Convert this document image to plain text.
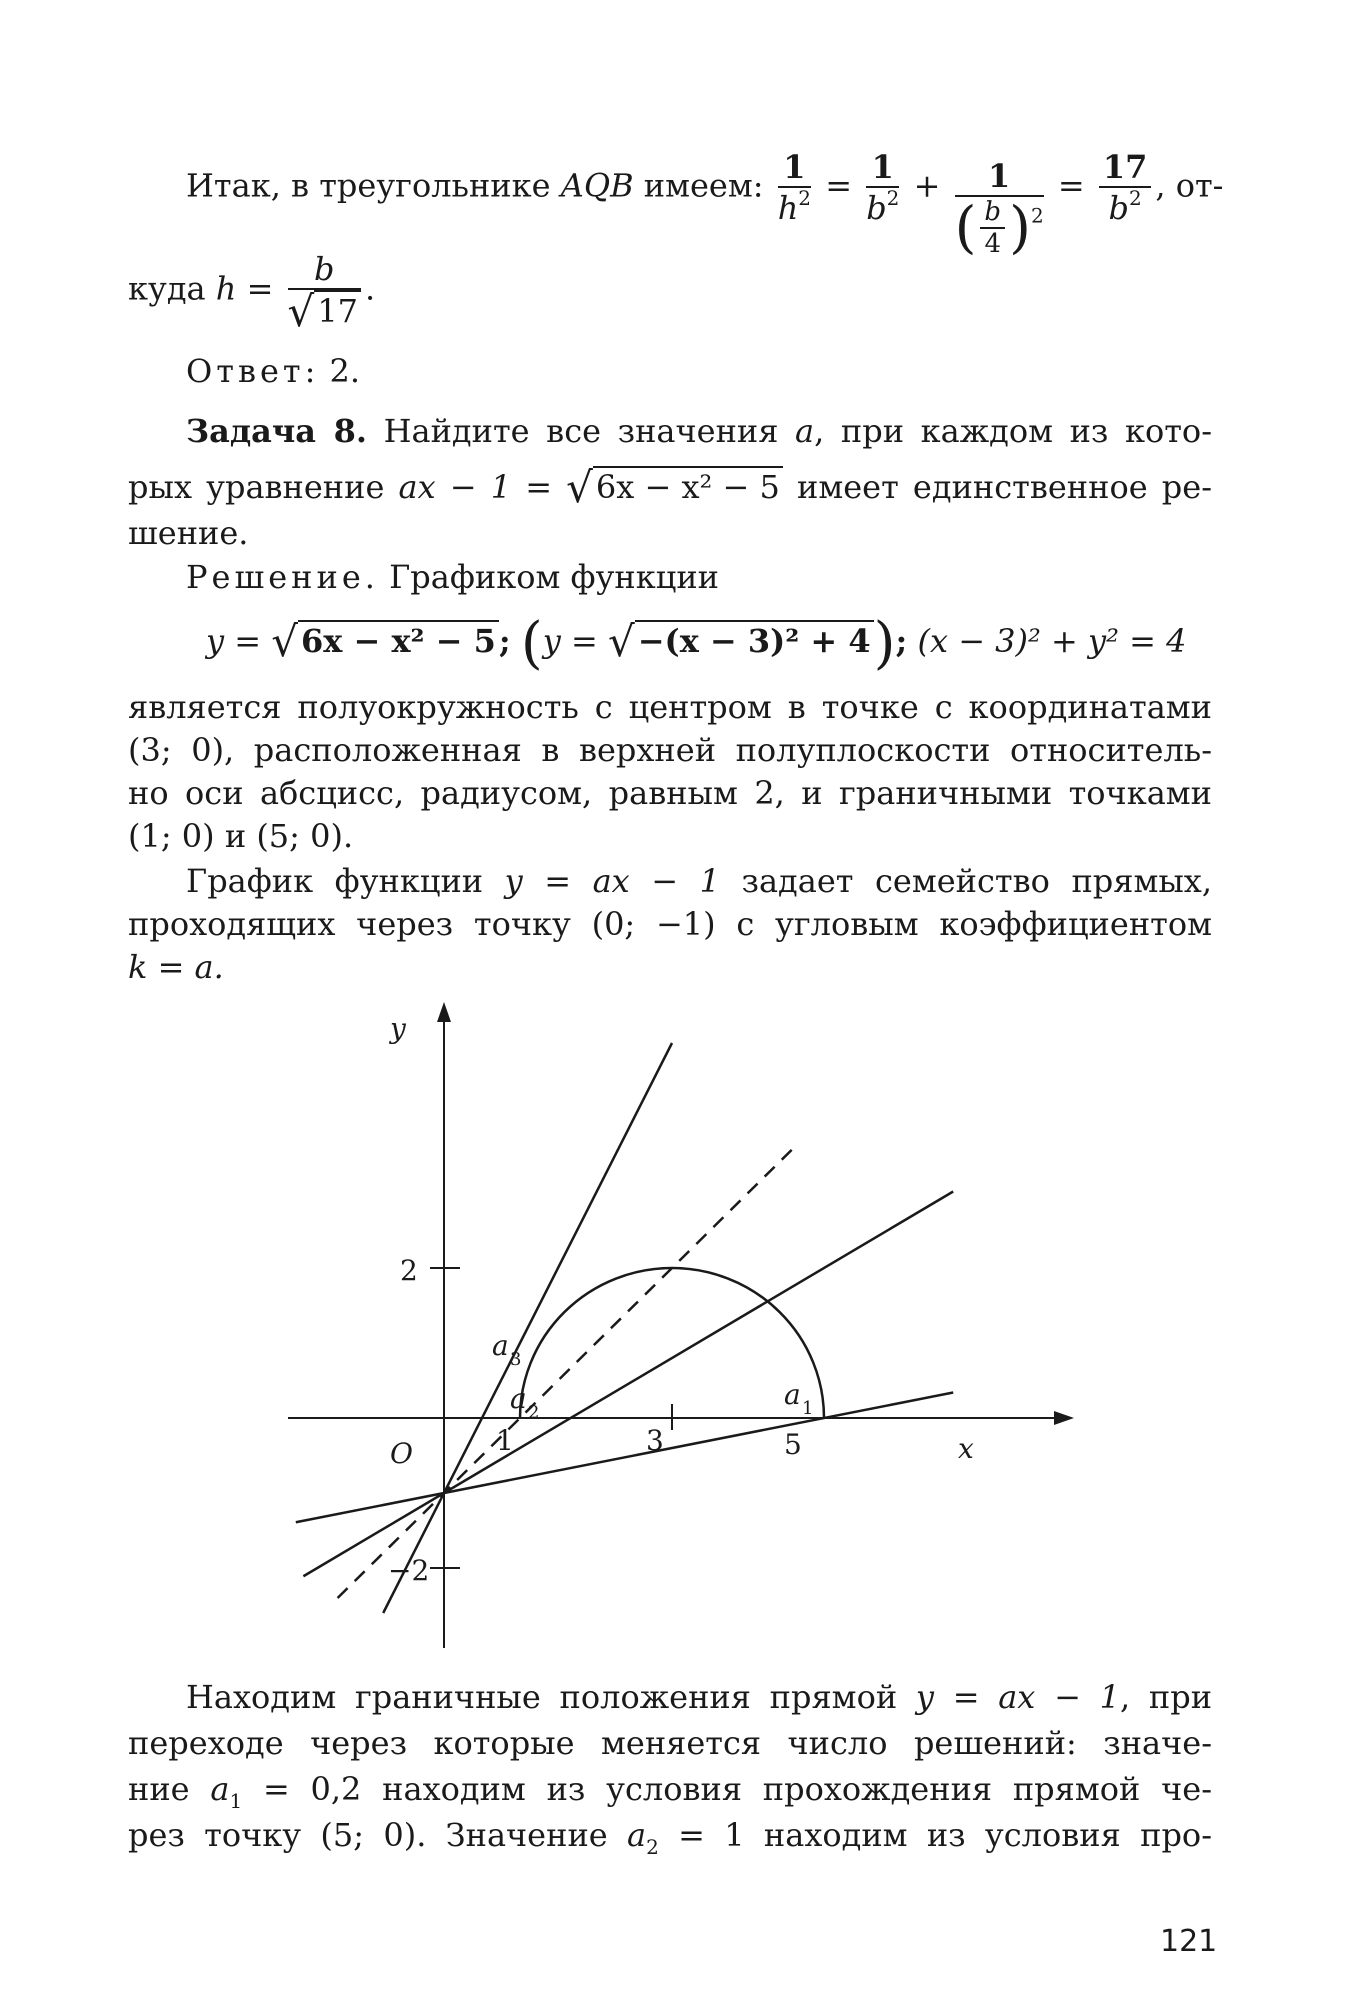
Итак, в треугольнике AQB имеем: $\frac{1}{h^2} = \frac{1}{b^2} + \frac{1}{( \frac{b}{4} )^2} = \frac{17}{b^2}$ , от-
куда $h = \frac{b}{√17}$ .
Ответ: 2.
Задача 8. Найдите все значения a, при каждом из кото-
рых уравнение ax − 1 = √6x − x² − 5 имеет единственное ре-
шение.
Решение. Графиком функции
y = √6x − x² − 5; (y = √−(x − 3)² + 4); (x − 3)² + y² = 4
является полуокружность с центром в точке с координатами
(3; 0), расположенная в верхней полуплоскости относитель-
но оси абсцисс, радиусом, равным 2, и граничными точками
(1; 0) и (5; 0).
График функции y = ax − 1 задает семейство прямых,
проходящих через точку (0; −1) с угловым коэффициентом
k = a.
Находим граничные положения прямой y = ax − 1, при
переходе через которые меняется число решений: значе-
ние $a_1 = 0,2$ находим из условия прохождения прямой че-
рез точку (5; 0). Значение $a_2 = 1$ находим из условия про-
y
x
O
2
−2
1	3	5
a 3
a 2
a 1
121
